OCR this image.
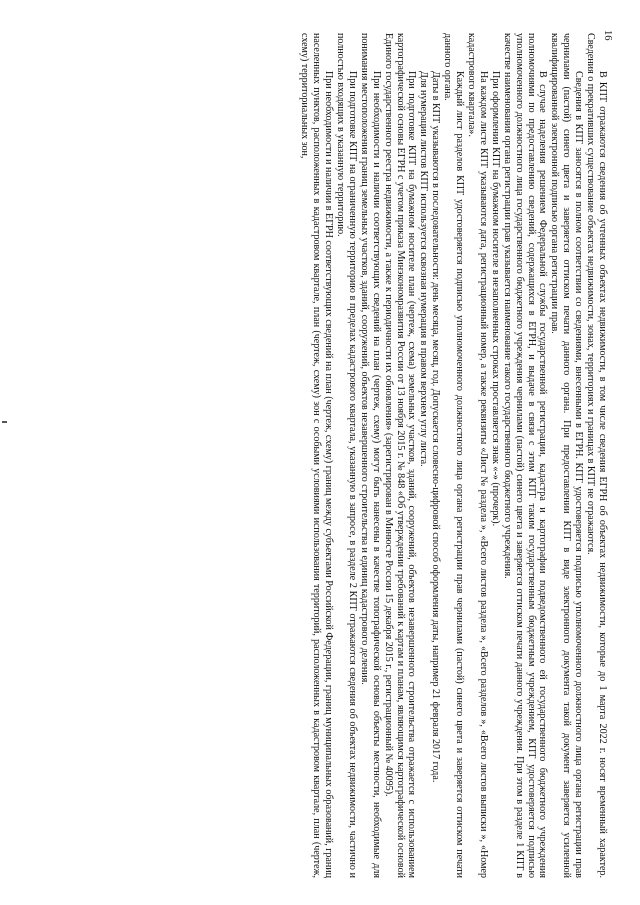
16

В КПТ отражаются сведения об учтенных объектах недвижимости, в том числе сведения ЕГРН об объектах недвижимости, которые до 1 марта 2022 г. носят временный характер. Сведения о прекративших существование объектах недвижимости, зонах, территориях и границах в КПТ не отражаются.

Сведения в КПТ заносятся в полном соответствии со сведениями, внесенными в ЕГРН. КПТ удостоверяется подписью уполномоченного должностного лица органа регистрации прав чернилами (пастой) синего цвета и заверяется оттиском печати данного органа. При предоставлении КПТ в виде электронного документа такой документ заверяется усиленной квалифицированной электронной подписью органа регистрации прав.

В случае наделения решением Федеральной службы государственной регистрации, кадастра и картографии подведомственного ей государственного бюджетного учреждения полномочиями по предоставлению сведений, содержащихся в ЕГРН, и выдаче в связи с этим КПТ таким государственным бюджетным учреждением, КПТ удостоверяется подписью уполномоченного должностного лица государственного бюджетного учреждения чернилами (пастой) синего цвета и заверяется оттиском печати данного учреждения. При этом в разделе 1 КПТ в качестве наименования органа регистрации прав указывается наименование такого государственного бюджетного учреждения.

При оформлении КПТ на бумажном носителе в незаполненных строках проставляется знак «-» (прочерк).

На каждом листе КПТ указываются дата, регистрационный номер, а также реквизиты «Лист № раздела », «Всего листов раздела », «Всего разделов », «Всего листов выписки », «Номер кадастрового квартала».

Каждый лист разделов КПТ удостоверяется подписью уполномоченного должностного лица органа регистрации прав чернилами (пастой) синего цвета и заверяется оттиском печати данного органа.

Даты в КПТ указываются в последовательности: день месяца, месяц, год. Допускается словесно-цифровой способ оформления даты, например 21 февраля 2017 года.

Для нумерации листов КПТ используется сквозная нумерация в правом верхнем углу листа.

При подготовке КПТ на бумажном носителе план (чертеж, схема) земельных участков, зданий, сооружений, объектов незавершенного строительства отражается с использованием картографической основы ЕГРН с учетом приказа Минэкономразвития России от 13 ноября 2015 г. № 848 «Об утверждении требований к картам и планам, являющимся картографической основой Единого государственного реестра недвижимости, а также к периодичности их обновления» (зарегистрирован в Минюсте России 15 декабря 2015 г., регистрационный № 40095).

При необходимости и наличии соответствующих сведений на план (чертеж, схему) могут быть нанесены в качестве топографической основы объекты местности, необходимые для понимания местоположения границ земельных участков, зданий, сооружений, объектов незавершенного строительства и единиц кадастрового деления.

При подготовке КПТ на ограниченную территорию в пределах кадастрового квартала, указанную в запросе, в разделе 2 КПТ отражаются сведения об объектах недвижимости, частично и полностью входящих в указанную территорию.

При необходимости и наличии в ЕГРН соответствующих сведений на план (чертеж, схему) границ между субъектами Российской Федерации, границ муниципальных образований, границ населенных пунктов, расположенных в кадастровом квартале, план (чертеж, схему) зон с особыми условиями использования территорий, расположенных в кадастровом квартале, план (чертеж, схему) территориальных зон,
